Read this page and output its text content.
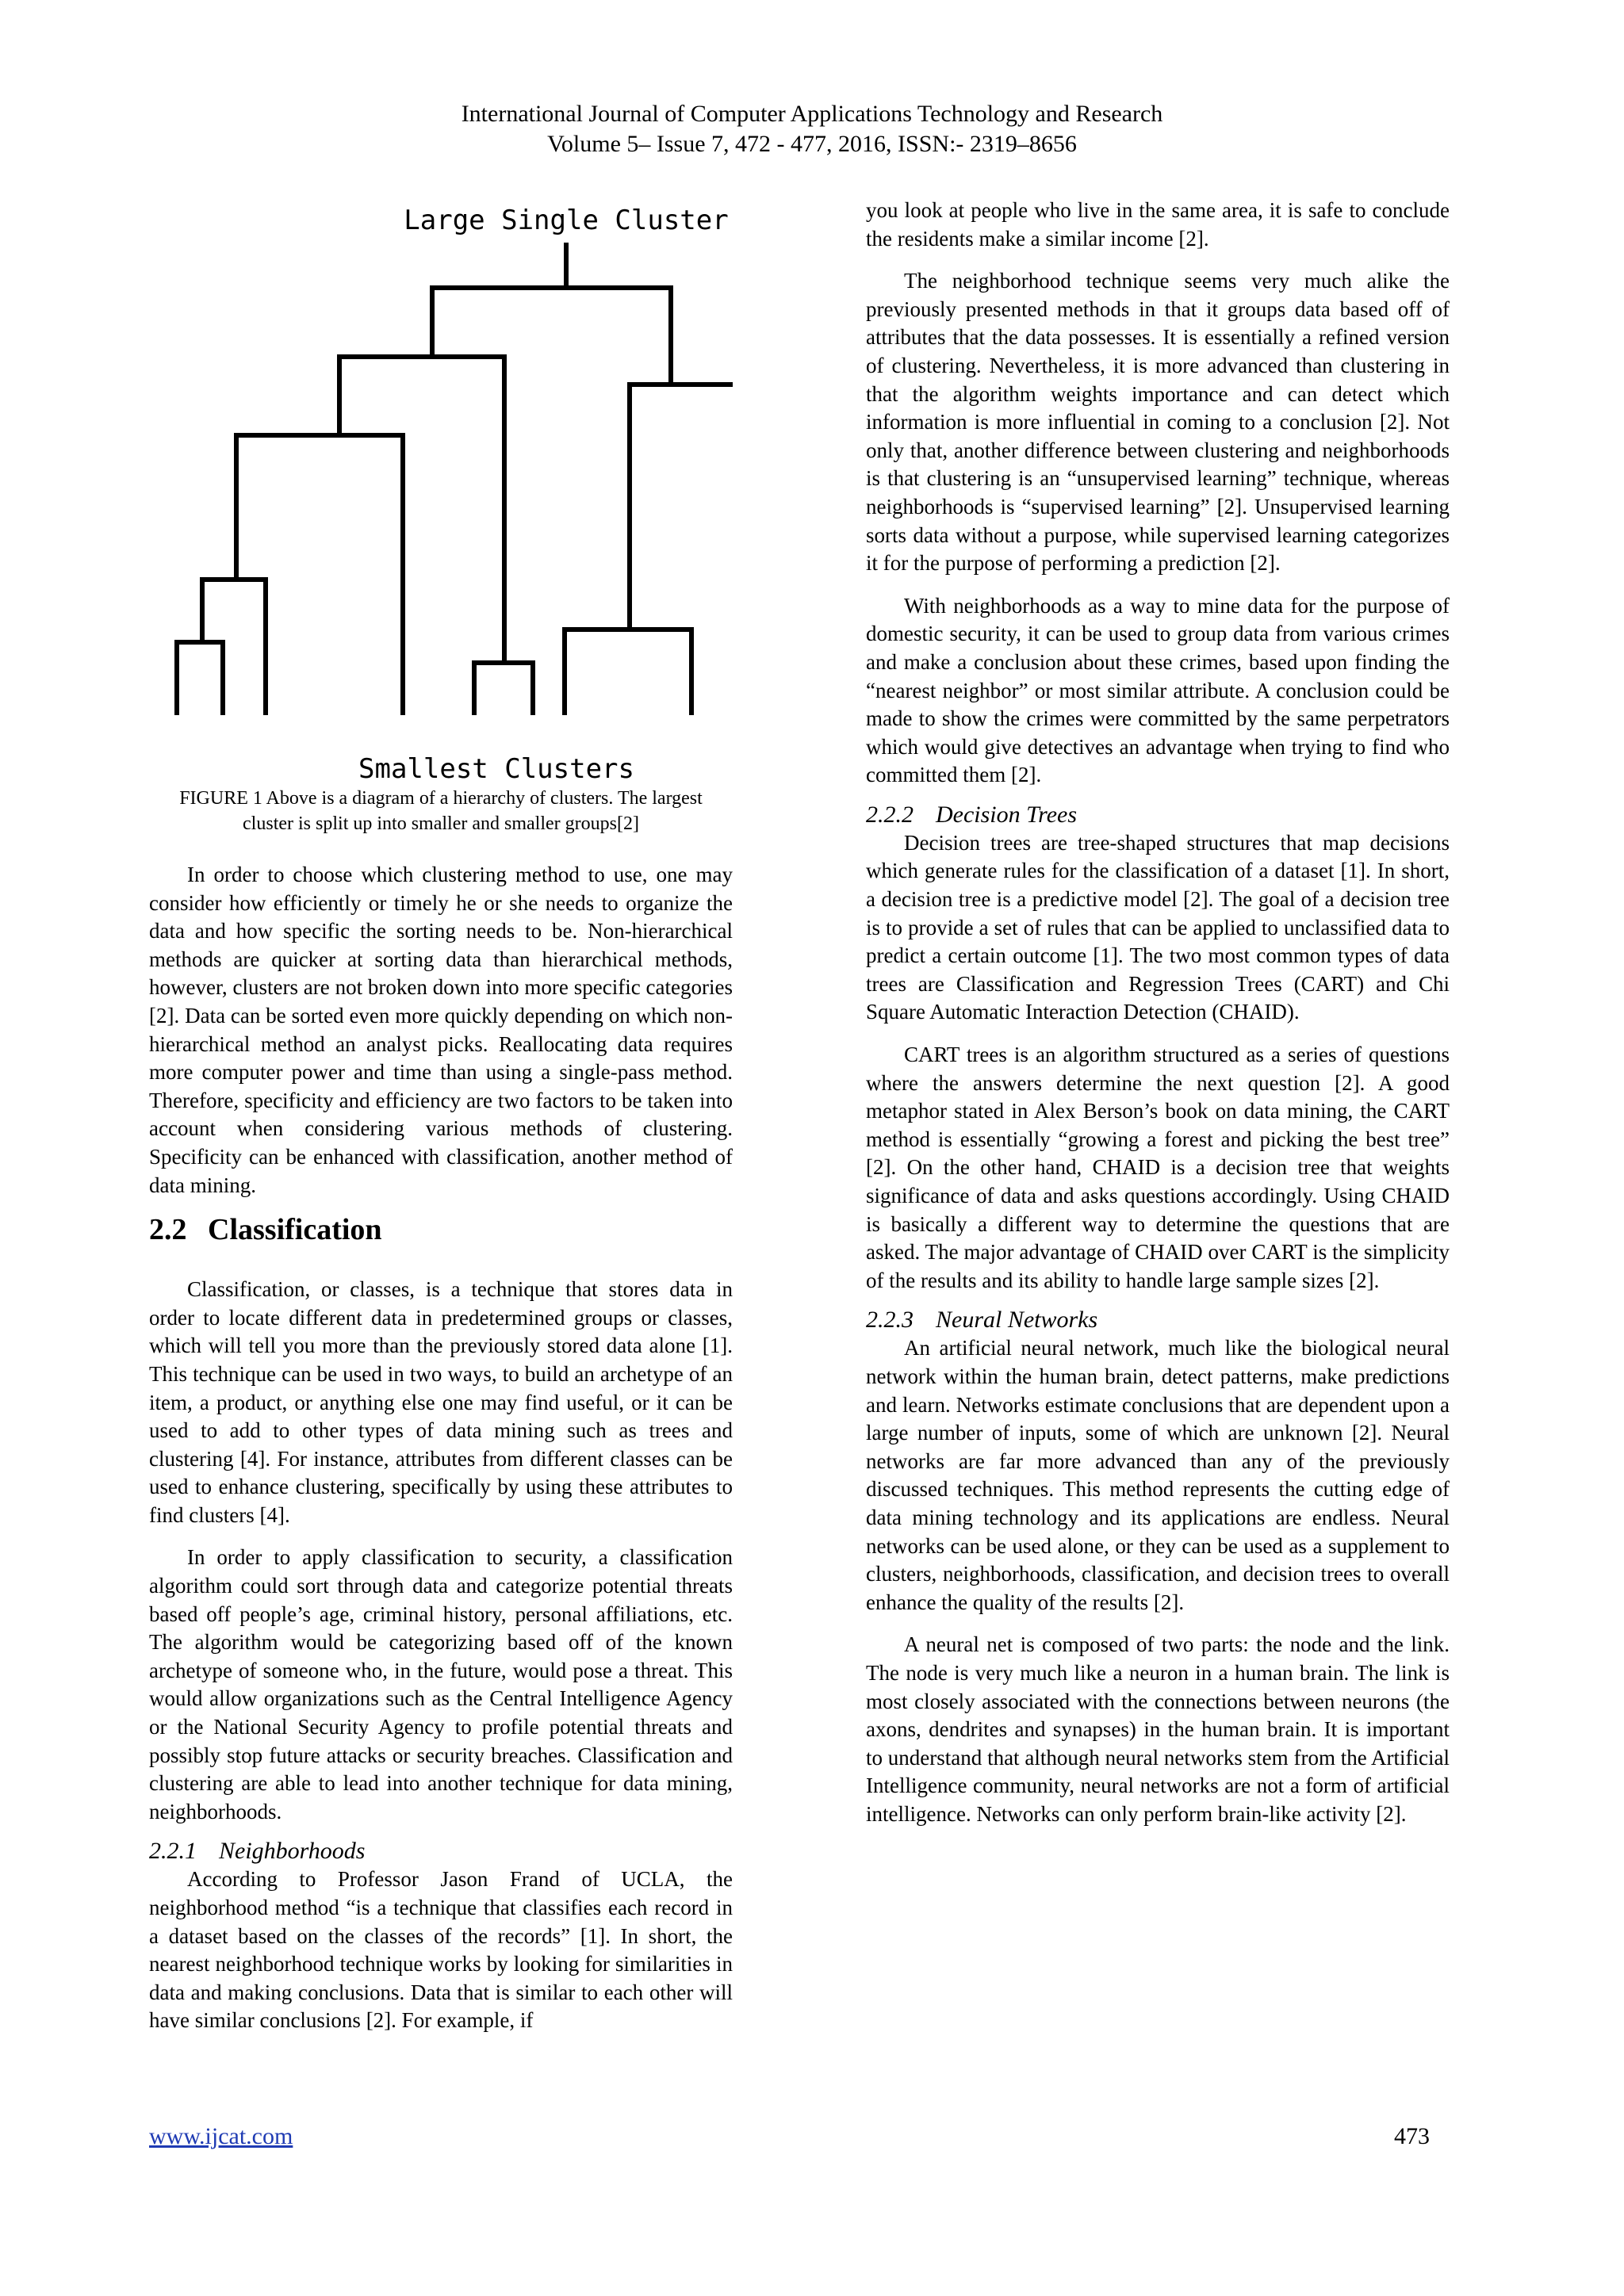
International Journal of Computer Applications Technology and Research
Volume 5– Issue 7, 472 - 477, 2016, ISSN:- 2319–8656
Large Single Cluster
Smallest Clusters
FIGURE 1 Above is a diagram of a hierarchy of clusters. The largest
cluster is split up into smaller and smaller groups[2]

In order to choose which clustering method to use, one may consider how efficiently or timely he or she needs to organize the data and how specific the sorting needs to be. Non-hierarchical methods are quicker at sorting data than hierarchical methods, however, clusters are not broken down into more specific categories [2]. Data can be sorted even more quickly depending on which non-hierarchical method an analyst picks. Reallocating data requires more computer power and time than using a single-pass method. Therefore, specificity and efficiency are two factors to be taken into account when considering various methods of clustering. Specificity can be enhanced with classification, another method of data mining.

2.2 Classification

Classification, or classes, is a technique that stores data in order to locate different data in predetermined groups or classes, which will tell you more than the previously stored data alone [1]. This technique can be used in two ways, to build an archetype of an item, a product, or anything else one may find useful, or it can be used to add to other types of data mining such as trees and clustering [4]. For instance, attributes from different classes can be used to enhance clustering, specifically by using these attributes to find clusters [4].

In order to apply classification to security, a classification algorithm could sort through data and categorize potential threats based off people’s age, criminal history, personal affiliations, etc. The algorithm would be categorizing based off of the known archetype of someone who, in the future, would pose a threat. This would allow organizations such as the Central Intelligence Agency or the National Security Agency to profile potential threats and possibly stop future attacks or security breaches. Classification and clustering are able to lead into another technique for data mining, neighborhoods.

2.2.1 Neighborhoods

According to Professor Jason Frand of UCLA, the neighborhood method “is a technique that classifies each record in a dataset based on the classes of the records” [1]. In short, the nearest neighborhood technique works by looking for similarities in data and making conclusions. Data that is similar to each other will have similar conclusions [2]. For example, if

you look at people who live in the same area, it is safe to conclude the residents make a similar income [2].

The neighborhood technique seems very much alike the previously presented methods in that it groups data based off of attributes that the data possesses. It is essentially a refined version of clustering. Nevertheless, it is more advanced than clustering in that the algorithm weights importance and can detect which information is more influential in coming to a conclusion [2]. Not only that, another difference between clustering and neighborhoods is that clustering is an “unsupervised learning” technique, whereas neighborhoods is “supervised learning” [2]. Unsupervised learning sorts data without a purpose, while supervised learning categorizes it for the purpose of performing a prediction [2].

With neighborhoods as a way to mine data for the purpose of domestic security, it can be used to group data from various crimes and make a conclusion about these crimes, based upon finding the “nearest neighbor” or most similar attribute. A conclusion could be made to show the crimes were committed by the same perpetrators which would give detectives an advantage when trying to find who committed them [2].

2.2.2 Decision Trees

Decision trees are tree-shaped structures that map decisions which generate rules for the classification of a dataset [1]. In short, a decision tree is a predictive model [2]. The goal of a decision tree is to provide a set of rules that can be applied to unclassified data to predict a certain outcome [1]. The two most common types of data trees are Classification and Regression Trees (CART) and Chi Square Automatic Interaction Detection (CHAID).

CART trees is an algorithm structured as a series of questions where the answers determine the next question [2]. A good metaphor stated in Alex Berson’s book on data mining, the CART method is essentially “growing a forest and picking the best tree” [2]. On the other hand, CHAID is a decision tree that weights significance of data and asks questions accordingly. Using CHAID is basically a different way to determine the questions that are asked. The major advantage of CHAID over CART is the simplicity of the results and its ability to handle large sample sizes [2].

2.2.3 Neural Networks

An artificial neural network, much like the biological neural network within the human brain, detect patterns, make predictions and learn. Networks estimate conclusions that are dependent upon a large number of inputs, some of which are unknown [2]. Neural networks are far more advanced than any of the previously discussed techniques. This method represents the cutting edge of data mining technology and its applications are endless. Neural networks can be used alone, or they can be used as a supplement to clusters, neighborhoods, classification, and decision trees to overall enhance the quality of the results [2].

A neural net is composed of two parts: the node and the link. The node is very much like a neuron in a human brain. The link is most closely associated with the connections between neurons (the axons, dendrites and synapses) in the human brain. It is important to understand that although neural networks stem from the Artificial Intelligence community, neural networks are not a form of artificial intelligence. Networks can only perform brain-like activity [2].

www.ijcat.com	473
